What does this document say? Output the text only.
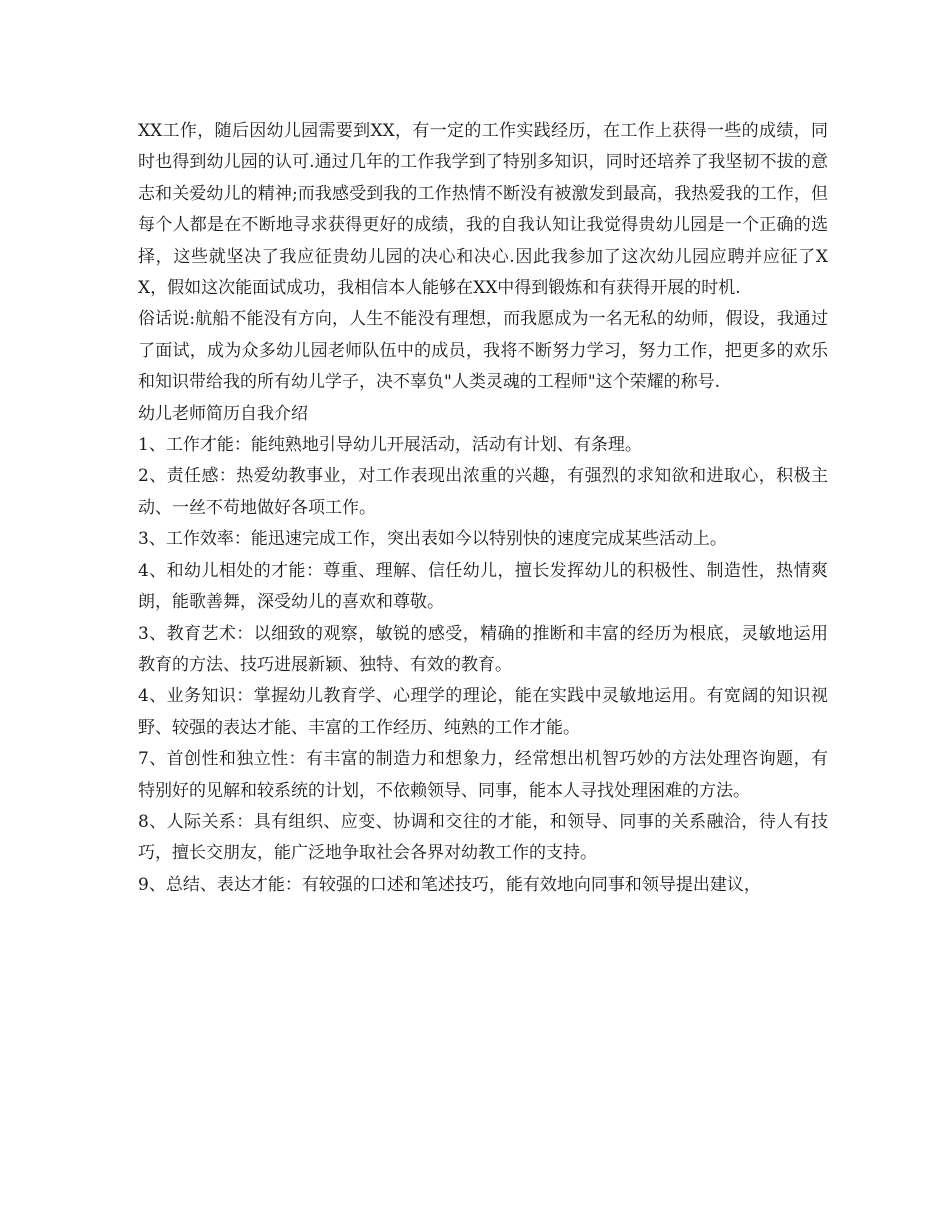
XX工作，随后因幼儿园需要到XX，有一定的工作实践经历，在工作上获得一些的成绩，同时也得到幼儿园的认可.通过几年的工作我学到了特别多知识，同时还培养了我坚韧不拔的意志和关爱幼儿的精神;而我感受到我的工作热情不断没有被激发到最高，我热爱我的工作，但每个人都是在不断地寻求获得更好的成绩，我的自我认知让我觉得贵幼儿园是一个正确的选择，这些就坚决了我应征贵幼儿园的决心和决心.因此我参加了这次幼儿园应聘并应征了XX，假如这次能面试成功，我相信本人能够在XX中得到锻炼和有获得开展的时机.

俗话说:航船不能没有方向，人生不能没有理想，而我愿成为一名无私的幼师，假设，我通过了面试，成为众多幼儿园老师队伍中的成员，我将不断努力学习，努力工作，把更多的欢乐和知识带给我的所有幼儿学子，决不辜负"人类灵魂的工程师"这个荣耀的称号.

幼儿老师简历自我介绍

1、工作才能：能纯熟地引导幼儿开展活动，活动有计划、有条理。

2、责任感：热爱幼教事业，对工作表现出浓重的兴趣，有强烈的求知欲和进取心，积极主动、一丝不苟地做好各项工作。

3、工作效率：能迅速完成工作，突出表如今以特别快的速度完成某些活动上。

4、和幼儿相处的才能：尊重、理解、信任幼儿，擅长发挥幼儿的积极性、制造性，热情爽朗，能歌善舞，深受幼儿的喜欢和尊敬。

3、教育艺术：以细致的观察，敏锐的感受，精确的推断和丰富的经历为根底，灵敏地运用教育的方法、技巧进展新颖、独特、有效的教育。

4、业务知识：掌握幼儿教育学、心理学的理论，能在实践中灵敏地运用。有宽阔的知识视野、较强的表达才能、丰富的工作经历、纯熟的工作才能。

7、首创性和独立性：有丰富的制造力和想象力，经常想出机智巧妙的方法处理咨询题，有特别好的见解和较系统的计划，不依赖领导、同事，能本人寻找处理困难的方法。

8、人际关系：具有组织、应变、协调和交往的才能，和领导、同事的关系融洽，待人有技巧，擅长交朋友，能广泛地争取社会各界对幼教工作的支持。

9、总结、表达才能：有较强的口述和笔述技巧，能有效地向同事和领导提出建议，
